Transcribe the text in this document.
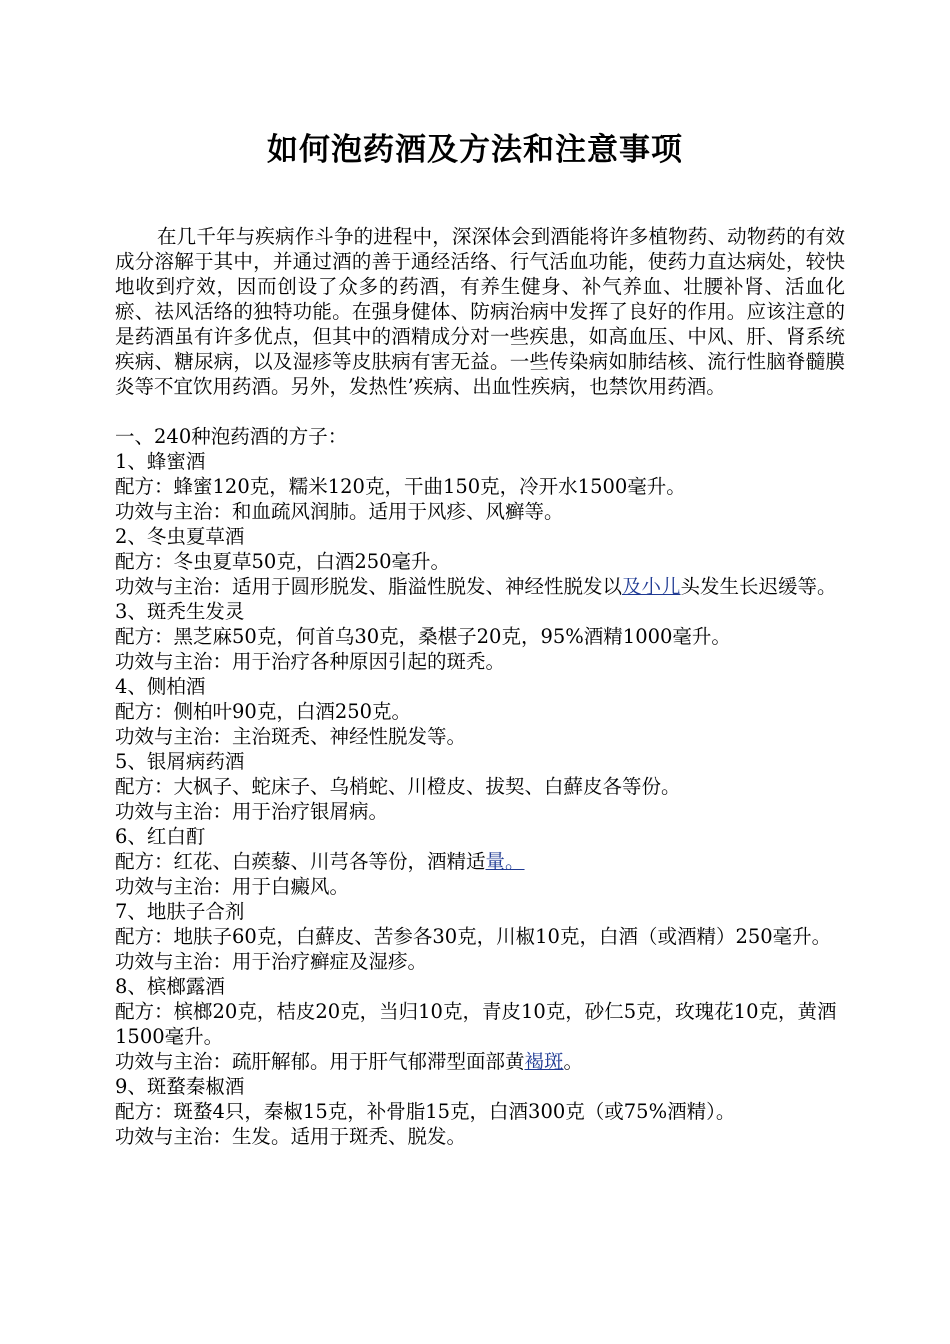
如何泡药酒及方法和注意事项

在几千年与疾病作斗争的进程中，深深体会到酒能将许多植物药、动物药的有效成分溶解于其中，并通过酒的善于通经活络、行气活血功能，使药力直达病处，较快地收到疗效，因而创设了众多的药酒，有养生健身、补气养血、壮腰补肾、活血化瘀、祛风活络的独特功能。在强身健体、防病治病中发挥了良好的作用。应该注意的是药酒虽有许多优点，但其中的酒精成分对一些疾患，如高血压、中风、肝、肾系统疾病、糖尿病，以及湿疹等皮肤病有害无益。一些传染病如肺结核、流行性脑脊髓膜炎等不宜饮用药酒。另外，发热性’疾病、出血性疾病，也禁饮用药酒。

一、240种泡药酒的方子：

1、蜂蜜酒

配方：蜂蜜120克，糯米120克，干曲150克，冷开水1500毫升。

功效与主治：和血疏风润肺。适用于风疹、风癣等。

2、冬虫夏草酒

配方：冬虫夏草50克，白酒250毫升。

功效与主治：适用于圆形脱发、脂溢性脱发、神经性脱发以及小儿头发生长迟缓等。

3、斑秃生发灵

配方：黑芝麻50克，何首乌30克，桑椹子20克，95%酒精1000毫升。

功效与主治：用于治疗各种原因引起的斑秃。

4、侧柏酒

配方：侧柏叶90克，白酒250克。

功效与主治：主治斑秃、神经性脱发等。

5、银屑病药酒

配方：大枫子、蛇床子、乌梢蛇、川橙皮、拔契、白蘚皮各等份。

功效与主治：用于治疗银屑病。

6、红白酊

配方：红花、白蒺藜、川芎各等份，酒精适量。

功效与主治：用于白癜风。

7、地肤子合剂

配方：地肤子60克，白蘚皮、苦参各30克，川椒10克，白酒（或酒精）250毫升。

功效与主治：用于治疗癣症及湿疹。

8、槟榔露酒

配方：槟榔20克，桔皮20克，当归10克，青皮10克，砂仁5克，玫瑰花10克，黄酒1500毫升。

功效与主治：疏肝解郁。用于肝气郁滞型面部黄褐斑。

9、斑蝥秦椒酒

配方：斑蝥4只，秦椒15克，补骨脂15克，白酒300克（或75%酒精）。

功效与主治：生发。适用于斑秃、脱发。
